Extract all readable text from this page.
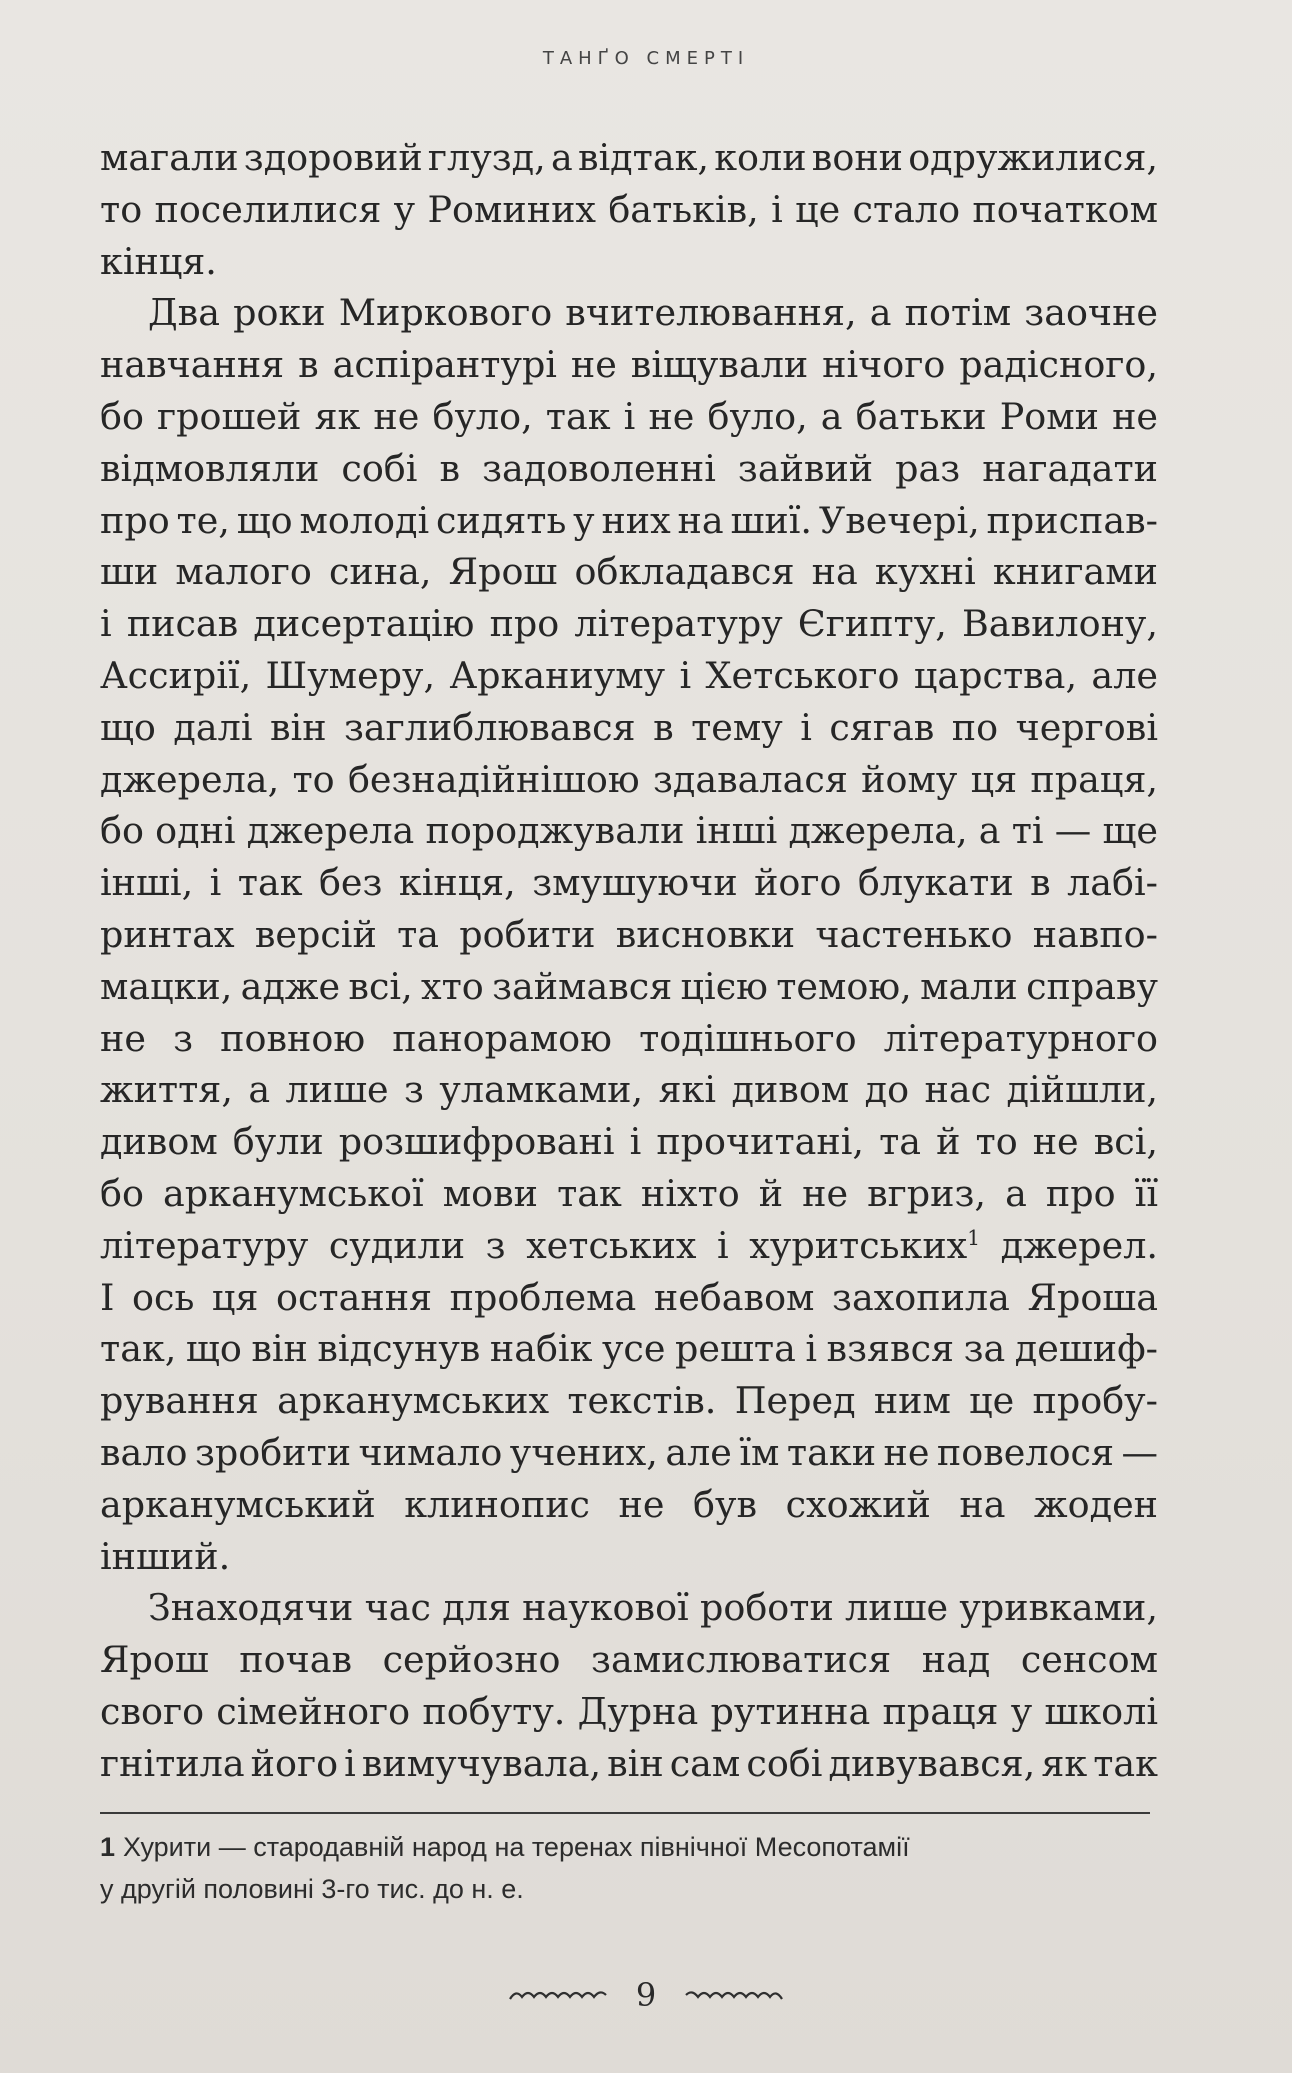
ТАНҐО СМЕРТІ

магали здоровий глузд, а відтак, коли вони одружилися,
то поселилися у Роминих батьків, і це стало початком
кінця.

Два роки Миркового вчителювання, а потім заочне
навчання в аспірантурі не віщували нічого радісного,
бо грошей як не було, так і не було, а батьки Роми не
відмовляли собі в задоволенні зайвий раз нагадати
про те, що молоді сидять у них на шиї. Увечері, приспав-
ши малого сина, Ярош обкладався на кухні книгами
і писав дисертацію про літературу Єгипту, Вавилону,
Ассирії, Шумеру, Арканиуму і Хетського царства, але
що далі він заглиблювався в тему і сягав по чергові
джерела, то безнадійнішою здавалася йому ця праця,
бо одні джерела породжували інші джерела, а ті — ще
інші, і так без кінця, змушуючи його блукати в лабі-
ринтах версій та робити висновки частенько навпо-
мацки, адже всі, хто займався цією темою, мали справу
не з повною панорамою тодішнього літературного
життя, а лише з уламками, які дивом до нас дійшли,
дивом були розшифровані і прочитані, та й то не всі,
бо арканумської мови так ніхто й не вгриз, а про її
літературу судили з хетських і хуритських$^1$ джерел.
І ось ця остання проблема небавом захопила Яроша
так, що він відсунув набік усе решта і взявся за дешиф-
рування арканумських текстів. Перед ним це пробу-
вало зробити чимало учених, але їм таки не повелося —
арканумський клинопис не був схожий на жоден
інший.

Знаходячи час для наукової роботи лише уривками,
Ярош почав серйозно замислюватися над сенсом
свого сімейного побуту. Дурна рутинна праця у школі
гнітила його і вимучувала, він сам собі дивувався, як так

1 Хурити — стародавній народ на теренах північної Месопотамії
у другій половині 3-го тис. до н. е.
9
